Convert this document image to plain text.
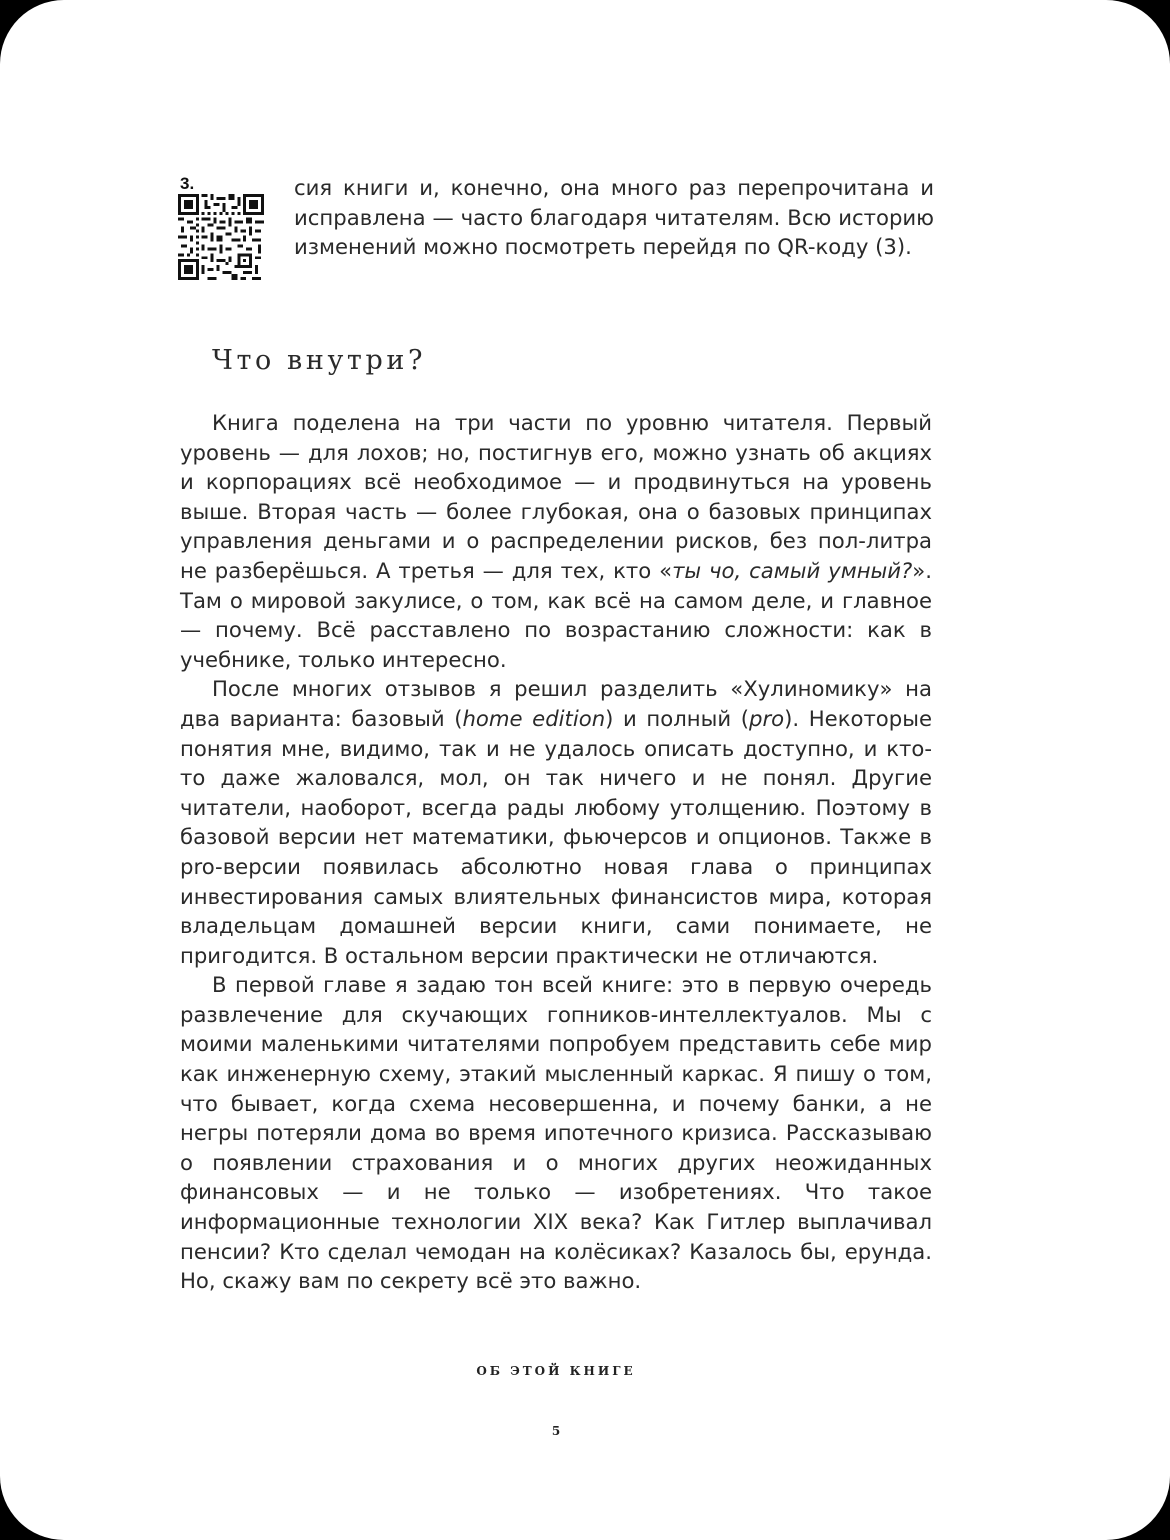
3.	сия книги и, конечно, она много раз перепрочитана и исправлена — часто благодаря читателям. Всю историю изменений можно посмотреть перейдя по QR-коду (3).
Что внутри?

Книга поделена на три части по уровню читателя. Первый уровень — для лохов; но, постигнув его, можно узнать об акциях и корпорациях всё необходимое — и продвинуться на уровень выше. Вторая часть — более глубокая, она о базовых принципах управления деньгами и о распределении рисков, без пол-литра не разберёшься. А третья — для тех, кто «ты чо, самый умный?». Там о мировой закулисе, о том, как всё на самом деле, и главное — почему. Всё расставлено по возрастанию сложности: как в учебнике, только интересно.

После многих отзывов я решил разделить «Хулиномику» на два варианта: базовый (home edition) и полный (pro). Некоторые понятия мне, видимо, так и не удалось описать доступно, и кто-то даже жаловался, мол, он так ничего и не понял. Другие читатели, наоборот, всегда рады любому утолщению. Поэтому в базовой версии нет математики, фьючерсов и опционов. Также в pro-версии появилась абсолютно новая глава о принципах инвестирования самых влиятельных финансистов мира, которая владельцам домашней версии книги, сами понимаете, не пригодится. В остальном версии практически не отличаются.

В первой главе я задаю тон всей книге: это в первую очередь развлечение для скучающих гопников-интеллектуалов. Мы с моими маленькими читателями попробуем представить себе мир как инженерную схему, этакий мысленный каркас. Я пишу о том, что бывает, когда схема несовершенна, и почему банки, а не негры потеряли дома во время ипотечного кризиса. Рассказываю о появлении страхования и о многих других неожиданных финансовых — и не только — изобретениях. Что такое информационные технологии XIX века? Как Гитлер выплачивал пенсии? Кто сделал чемодан на колёсиках? Казалось бы, ерунда. Но, скажу вам по секрету всё это важно.

ОБ ЭТОЙ КНИГЕ
5
